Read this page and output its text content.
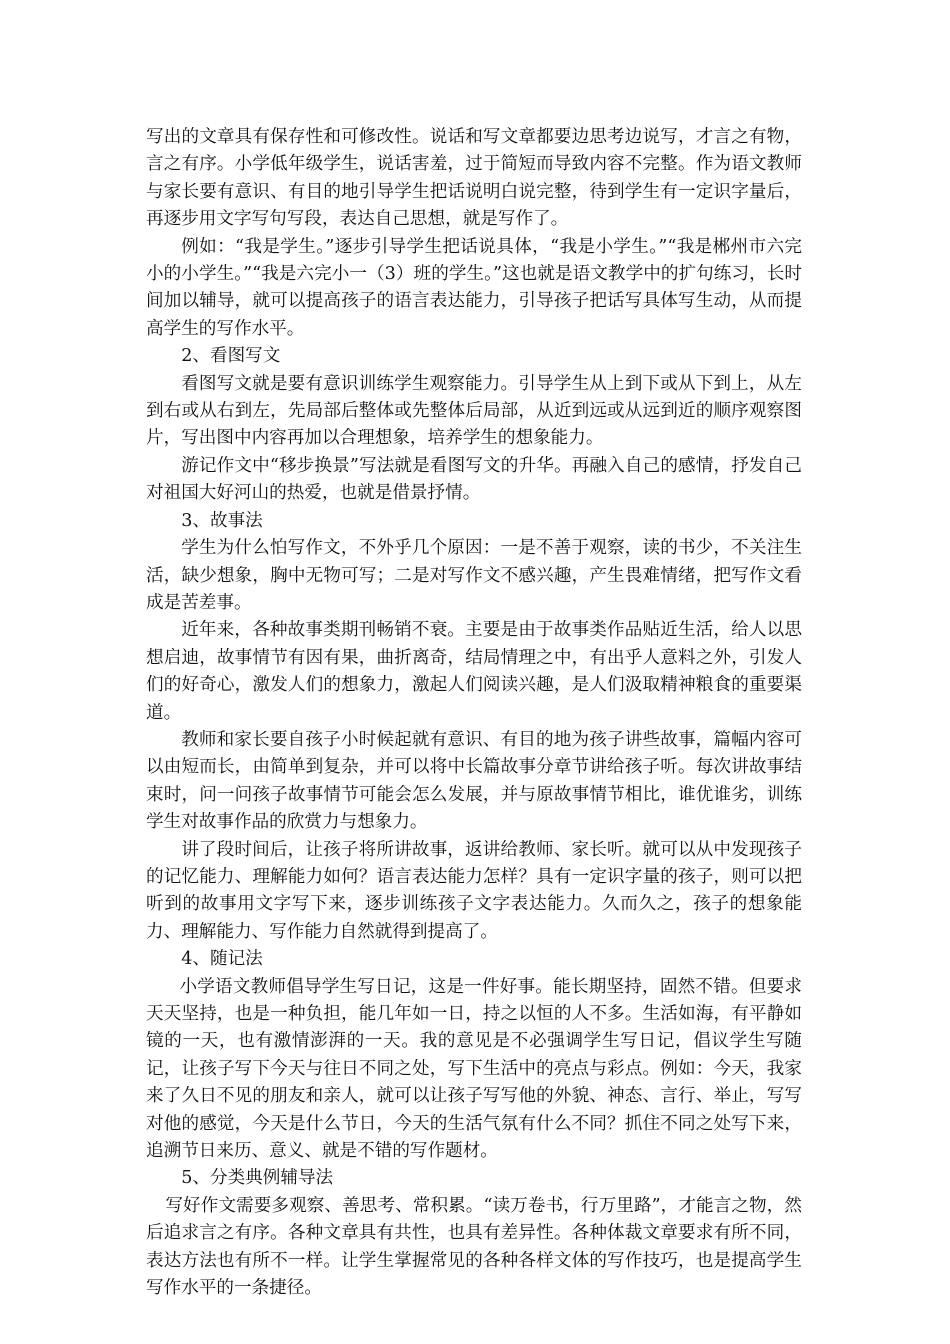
写出的文章具有保存性和可修改性。说话和写文章都要边思考边说写，才言之有物，言之有序。小学低年级学生，说话害羞，过于简短而导致内容不完整。作为语文教师与家长要有意识、有目的地引导学生把话说明白说完整，待到学生有一定识字量后，再逐步用文字写句写段，表达自己思想，就是写作了。

例如：“我是学生。”逐步引导学生把话说具体，“我是小学生。”“我是郴州市六完小的小学生。”“我是六完小一（3）班的学生。”这也就是语文教学中的扩句练习，长时间加以辅导，就可以提高孩子的语言表达能力，引导孩子把话写具体写生动，从而提高学生的写作水平。

2、看图写文

看图写文就是要有意识训练学生观察能力。引导学生从上到下或从下到上，从左到右或从右到左，先局部后整体或先整体后局部，从近到远或从远到近的顺序观察图片，写出图中内容再加以合理想象，培养学生的想象能力。

游记作文中“移步换景”写法就是看图写文的升华。再融入自己的感情，抒发自己对祖国大好河山的热爱，也就是借景抒情。

3、故事法

学生为什么怕写作文，不外乎几个原因：一是不善于观察，读的书少，不关注生活，缺少想象，胸中无物可写；二是对写作文不感兴趣，产生畏难情绪，把写作文看成是苦差事。

近年来，各种故事类期刊畅销不衰。主要是由于故事类作品贴近生活，给人以思想启迪，故事情节有因有果，曲折离奇，结局情理之中，有出乎人意料之外，引发人们的好奇心，激发人们的想象力，激起人们阅读兴趣，是人们汲取精神粮食的重要渠道。

教师和家长要自孩子小时候起就有意识、有目的地为孩子讲些故事，篇幅内容可以由短而长，由简单到复杂，并可以将中长篇故事分章节讲给孩子听。每次讲故事结束时，问一问孩子故事情节可能会怎么发展，并与原故事情节相比，谁优谁劣，训练学生对故事作品的欣赏力与想象力。

讲了段时间后，让孩子将所讲故事，返讲给教师、家长听。就可以从中发现孩子的记忆能力、理解能力如何？语言表达能力怎样？具有一定识字量的孩子，则可以把听到的故事用文字写下来，逐步训练孩子文字表达能力。久而久之，孩子的想象能力、理解能力、写作能力自然就得到提高了。

4、随记法

小学语文教师倡导学生写日记，这是一件好事。能长期坚持，固然不错。但要求天天坚持，也是一种负担，能几年如一日，持之以恒的人不多。生活如海，有平静如镜的一天，也有激情澎湃的一天。我的意见是不必强调学生写日记，倡议学生写随记，让孩子写下今天与往日不同之处，写下生活中的亮点与彩点。例如：今天，我家来了久日不见的朋友和亲人，就可以让孩子写写他的外貌、神态、言行、举止，写写对他的感觉，今天是什么节日，今天的生活气氛有什么不同？抓住不同之处写下来，追溯节日来历、意义、就是不错的写作题材。

5、分类典例辅导法

写好作文需要多观察、善思考、常积累。“读万卷书，行万里路”，才能言之物，然后追求言之有序。各种文章具有共性，也具有差异性。各种体裁文章要求有所不同，表达方法也有所不一样。让学生掌握常见的各种各样文体的写作技巧，也是提高学生写作水平的一条捷径。
